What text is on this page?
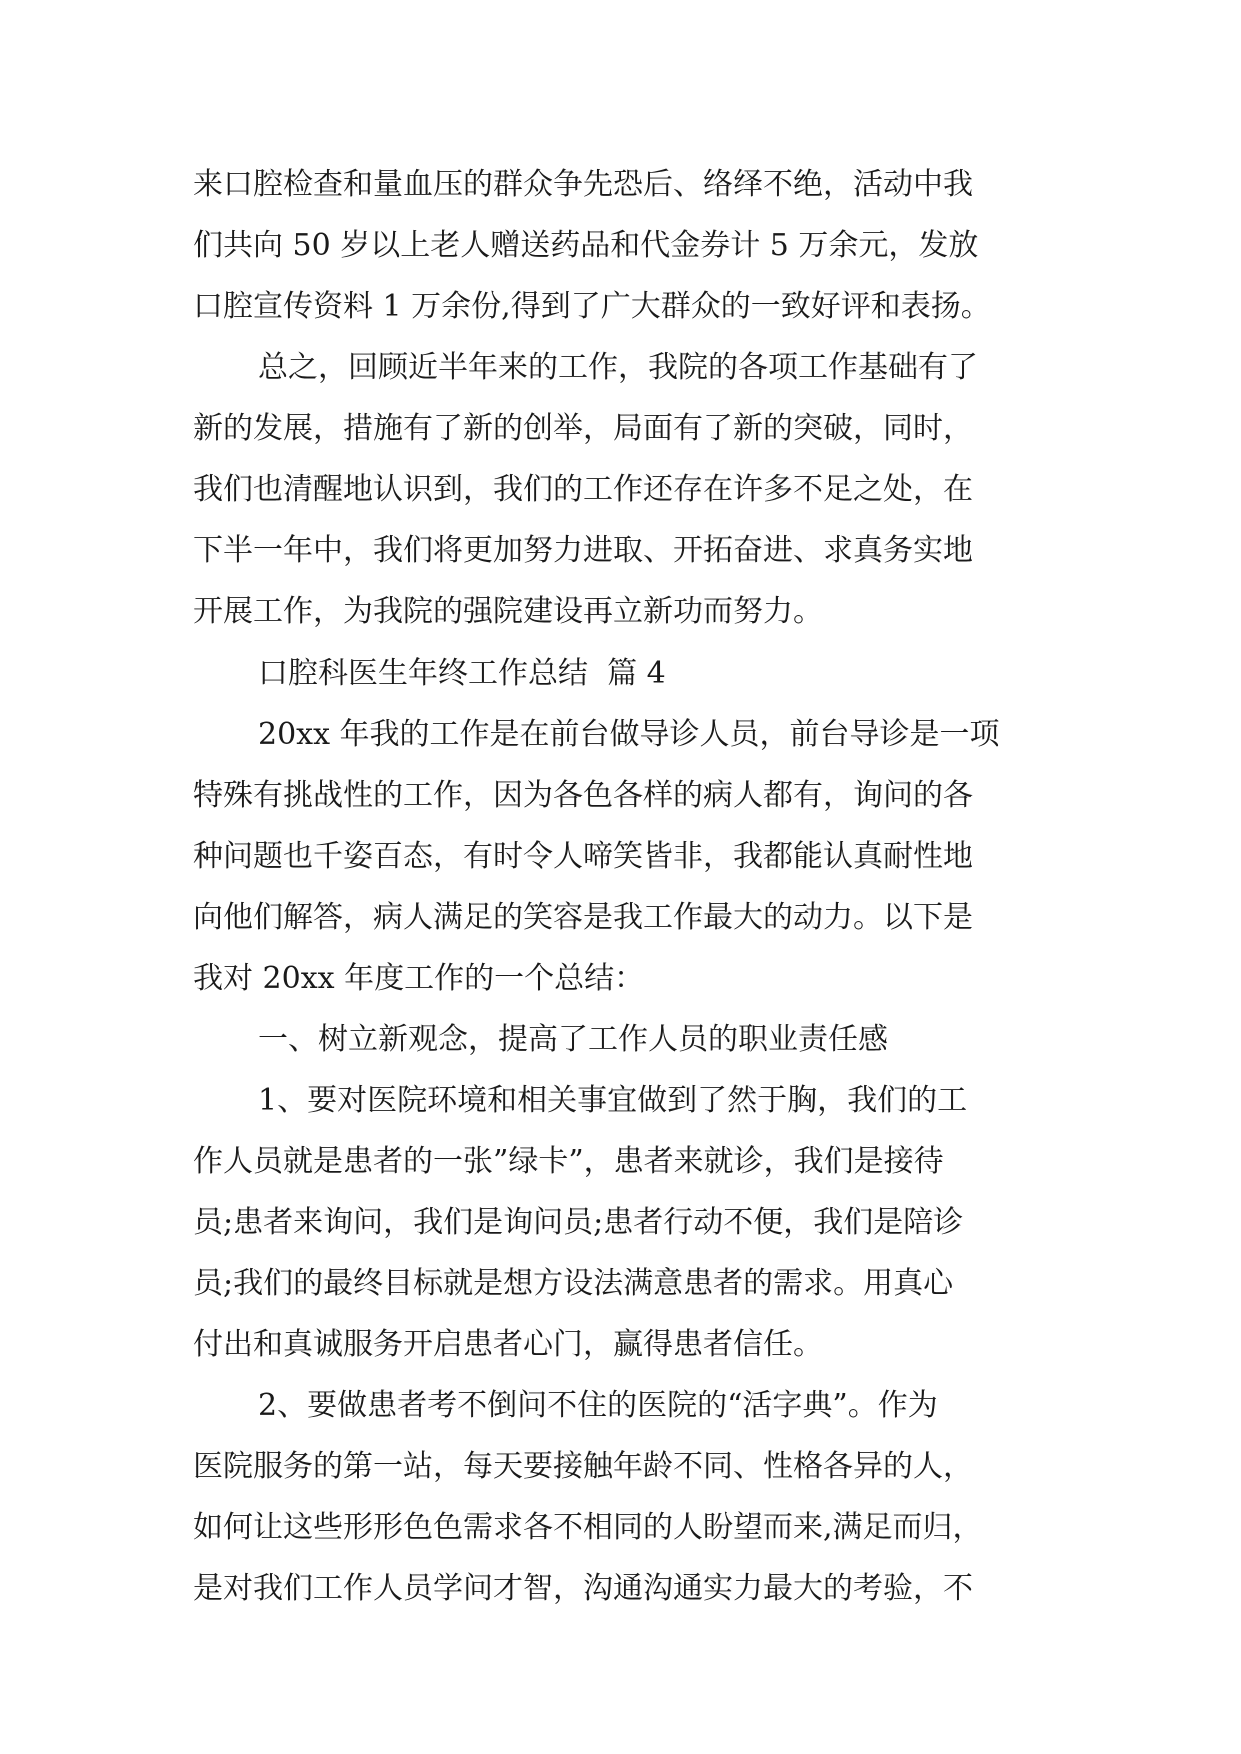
来口腔检查和量血压的群众争先恐后、络绎不绝，活动中我

们共向 50 岁以上老人赠送药品和代金券计 5 万余元，发放

口腔宣传资料 1 万余份,得到了广大群众的一致好评和表扬。

总之，回顾近半年来的工作，我院的各项工作基础有了

新的发展，措施有了新的创举，局面有了新的突破，同时，

我们也清醒地认识到，我们的工作还存在许多不足之处，在

下半一年中，我们将更加努力进取、开拓奋进、求真务实地

开展工作，为我院的强院建设再立新功而努力。

口腔科医生年终工作总结  篇 4

20xx 年我的工作是在前台做导诊人员，前台导诊是一项

特殊有挑战性的工作，因为各色各样的病人都有，询问的各

种问题也千姿百态，有时令人啼笑皆非，我都能认真耐性地

向他们解答，病人满足的笑容是我工作最大的动力。以下是

我对 20xx 年度工作的一个总结：

一、树立新观念，提高了工作人员的职业责任感

1、要对医院环境和相关事宜做到了然于胸，我们的工

作人员就是患者的一张”绿卡”，患者来就诊，我们是接待

员;患者来询问，我们是询问员;患者行动不便，我们是陪诊

员;我们的最终目标就是想方设法满意患者的需求。用真心

付出和真诚服务开启患者心门，赢得患者信任。

2、要做患者考不倒问不住的医院的“活字典”。作为

医院服务的第一站，每天要接触年龄不同、性格各异的人，

如何让这些形形色色需求各不相同的人盼望而来,满足而归，

是对我们工作人员学问才智，沟通沟通实力最大的考验，不
